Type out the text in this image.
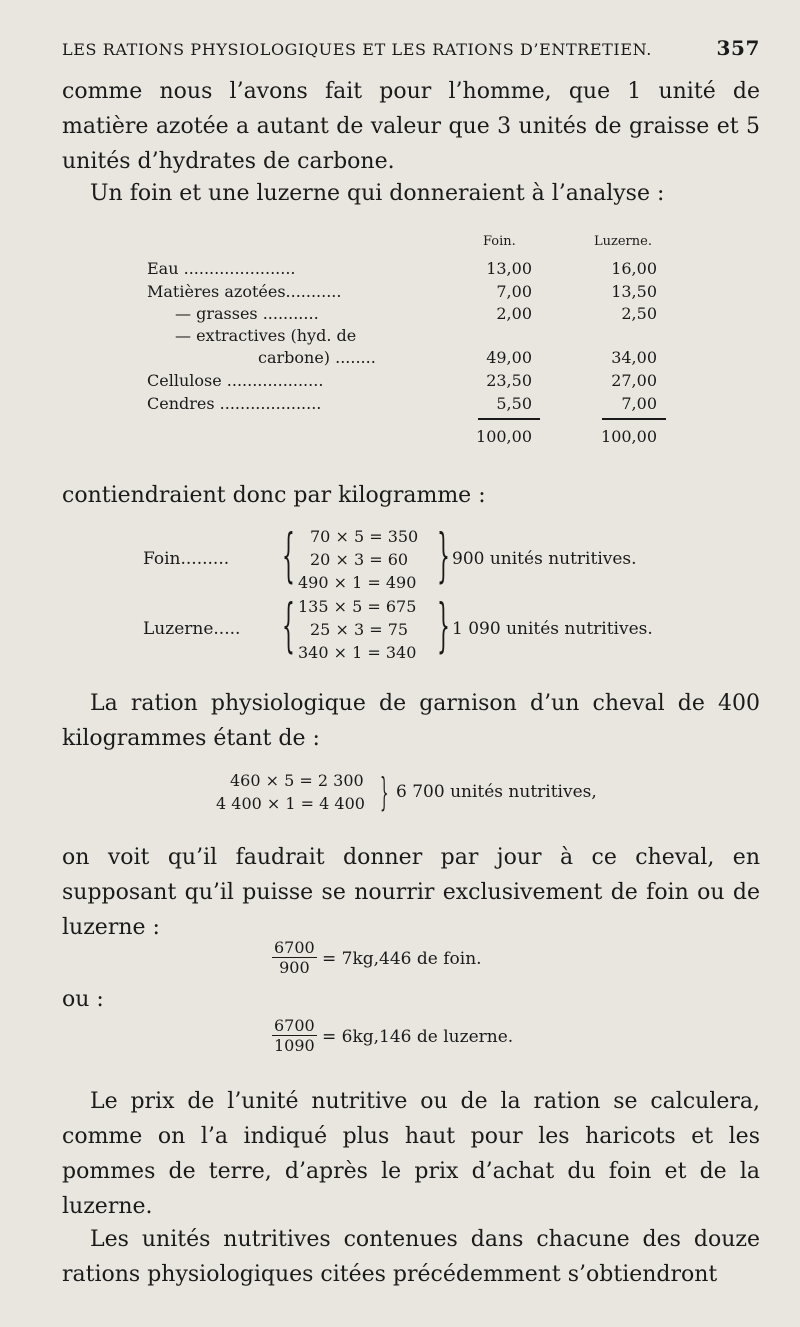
LES RATIONS PHYSIOLOGIQUES ET LES RATIONS D’ENTRETIEN.	357
comme nous l’avons fait pour l’homme, que 1 unité de matière azotée a autant de valeur que 3 unités de graisse et 5 unités d’hydrates de carbone.
Un foin et une luzerne qui donneraient à l’analyse :
Foin.	Luzerne.
Eau ......................	13,00	16,00
Matières azotées...........	7,00	13,50
— grasses ...........	2,00	2,50
— extractives (hyd. de
carbone) ........	49,00	34,00
Cellulose ...................	23,50	27,00
Cendres ....................	5,50	7,00
100,00	100,00
contiendraient donc par kilogramme :
Foin......... { 70 × 5 = 350
20 × 3 = 60
490 × 1 = 490 } 900 unités nutritives.
Luzerne..... { 135 × 5 = 675
25 × 3 = 75
340 × 1 = 340 } 1 090 unités nutritives.
La ration physiologique de garnison d’un cheval de 400 kilogrammes étant de :
460 × 5 = 2 300
4 400 × 1 = 4 400 } 6 700 unités nutritives,
on voit qu’il faudrait donner par jour à ce cheval, en supposant qu’il puisse se nourrir exclusivement de foin ou de luzerne :
$\frac{6700}{900} = 7kg,446$ de foin.
ou :
$\frac{6700}{1090} = 6kg,146$ de luzerne.
Le prix de l’unité nutritive ou de la ration se calculera, comme on l’a indiqué plus haut pour les haricots et les pommes de terre, d’après le prix d’achat du foin et de la luzerne.
Les unités nutritives contenues dans chacune des douze rations physiologiques citées précédemment s’obtiendront
